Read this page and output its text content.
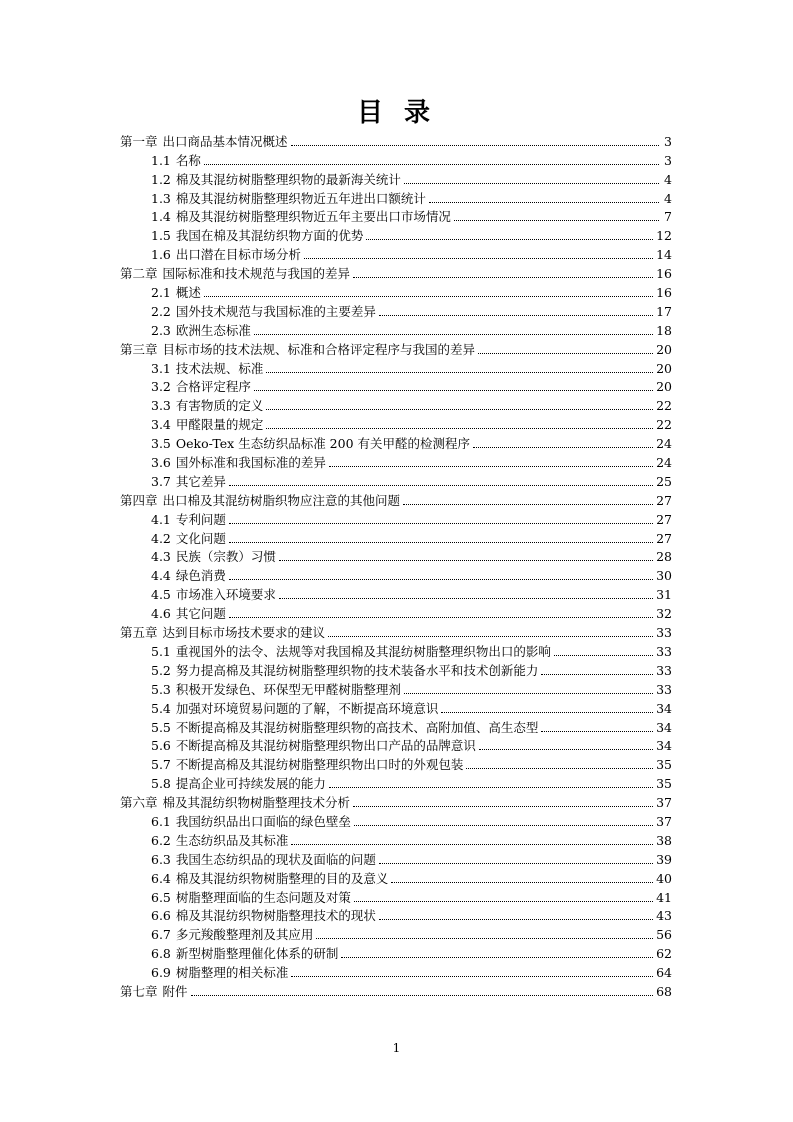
目 录
第一章 出口商品基本情况概述	3
1.1 名称	3
1.2 棉及其混纺树脂整理织物的最新海关统计	4
1.3 棉及其混纺树脂整理织物近五年进出口额统计	4
1.4 棉及其混纺树脂整理织物近五年主要出口市场情况	7
1.5 我国在棉及其混纺织物方面的优势	12
1.6 出口潜在目标市场分析	14
第二章 国际标准和技术规范与我国的差异	16
2.1 概述	16
2.2 国外技术规范与我国标准的主要差异	17
2.3 欧洲生态标准	18
第三章 目标市场的技术法规、标准和合格评定程序与我国的差异	20
3.1 技术法规、标准	20
3.2 合格评定程序	20
3.3 有害物质的定义	22
3.4 甲醛限量的规定	22
3.5 Oeko-Tex 生态纺织品标准 200 有关甲醛的检测程序	24
3.6 国外标准和我国标准的差异	24
3.7 其它差异	25
第四章 出口棉及其混纺树脂织物应注意的其他问题	27
4.1 专利问题	27
4.2 文化问题	27
4.3 民族（宗教）习惯	28
4.4 绿色消费	30
4.5 市场准入环境要求	31
4.6 其它问题	32
第五章 达到目标市场技术要求的建议	33
5.1 重视国外的法令、法规等对我国棉及其混纺树脂整理织物出口的影响	33
5.2 努力提高棉及其混纺树脂整理织物的技术装备水平和技术创新能力	33
5.3 积极开发绿色、环保型无甲醛树脂整理剂	33
5.4 加强对环境贸易问题的了解，不断提高环境意识	34
5.5 不断提高棉及其混纺树脂整理织物的高技术、高附加值、高生态型	34
5.6 不断提高棉及其混纺树脂整理织物出口产品的品牌意识	34
5.7 不断提高棉及其混纺树脂整理织物出口时的外观包装	35
5.8 提高企业可持续发展的能力	35
第六章 棉及其混纺织物树脂整理技术分析	37
6.1 我国纺织品出口面临的绿色壁垒	37
6.2 生态纺织品及其标准	38
6.3 我国生态纺织品的现状及面临的问题	39
6.4 棉及其混纺织物树脂整理的目的及意义	40
6.5 树脂整理面临的生态问题及对策	41
6.6 棉及其混纺织物树脂整理技术的现状	43
6.7 多元羧酸整理剂及其应用	56
6.8 新型树脂整理催化体系的研制	62
6.9 树脂整理的相关标准	64
第七章 附件	68
1
